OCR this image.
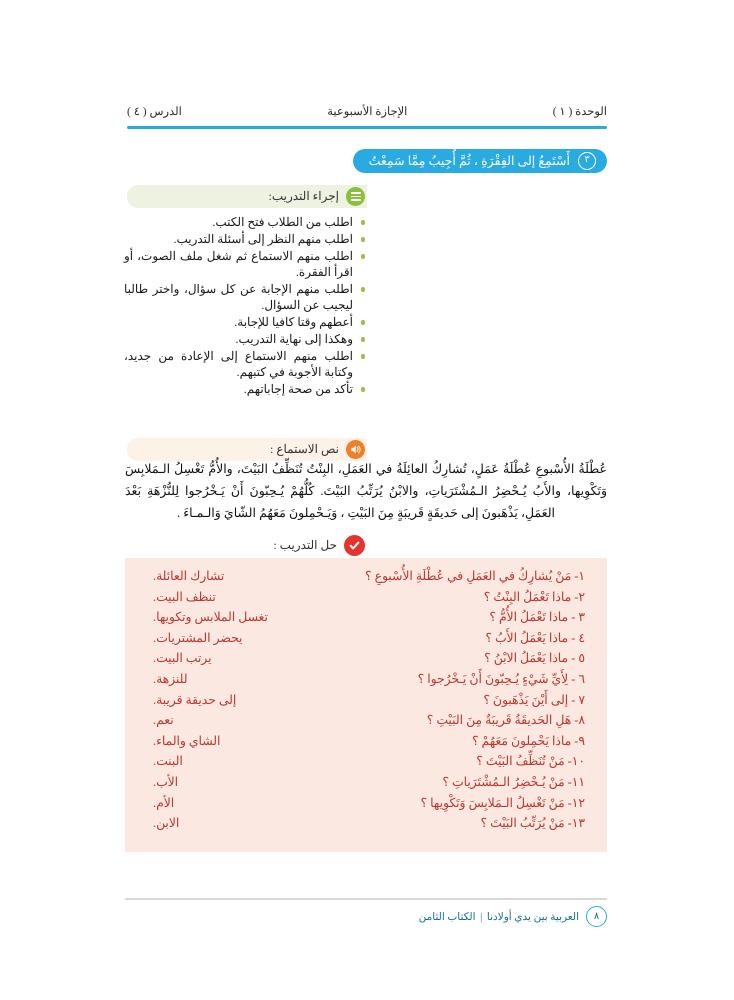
الوحدة ( ١ )
الإجازة الأسبوعية
الدرس ( ٤ )
٣
أَسْتَمِعُ إلى الفِقْرَةِ ، ثُمَّ أُجِيبُ مِمَّا سَمِعْتُ
إجراء التدريب:
اطلب من الطلاب فتح الكتب.
اطلب منهم النظر إلى أسئلة التدريب.
اطلب منهم الاستماع ثم شغل ملف الصوت، أو اقرأ الفقرة.
اطلب منهم الإجابة عن كل سؤال، واختر طالبا ليجيب عن السؤال.
أعطهم وقتا كافيا للإجابة.
وهكذا إلى نهاية التدريب.
اطلب منهم الاستماع إلى الإعادة من جديد، وكتابة الأجوبة في كتبهم.
تأكد من صحة إجاباتهم.
نص الاستماع :
عُطْلَةُ الأُسْبوعِ عُطْلَةُ عَمَلٍ، تُشارِكُ العائِلَةُ في العَمَلِ، البِنْتُ تُنَظِّفُ البَيْتَ، والأُمُّ تَغْسِلُ الـمَلابِسَ وَتَكْوِيها، والأَبُ يُـحْضِرُ الـمُشْتَرَياتِ، والابْنُ يُرَتِّبُ البَيْتَ. كُلُّهُمْ يُـحِبّونَ أَنْ يَـخْرُجوا لِلنُّزْهَةِ بَعْدَ العَمَلِ، يَذْهَبونَ إلى حَديقَةٍ قَريبَةٍ مِنَ البَيْتِ ، وَيَـحْمِلونَ مَعَهُمُ الشّايَ وَالـمـاءَ .
حل التدريب :
١- مَنْ يُشارِكُ في العَمَلِ في عُطْلَةِ الأُسْبوعِ ؟
تشارك العائلة.
٢- ماذا تَعْمَلُ البِنْتُ ؟
تنظف البيت.
٣ - ماذا تَعْمَلُ الأُمُّ ؟
تغسل الملابس وتكويها.
٤ - ماذا يَعْمَلُ الأَبُ ؟
يحضر المشتريات.
٥ - ماذا يَعْمَلُ الابْنُ ؟
يرتب البيت.
٦ - لِأَيِّ شَيْءٍ يُـحِبّونَ أَنْ يَـخْرُجوا ؟
للنزهة.
٧ - إلى أَيْنَ يَذْهَبونَ ؟
إلى حديقة قريبة.
٨- هَلِ الحَديقَةُ قَريبَةٌ مِنَ البَيْتِ ؟
نعم.
٩- ماذا يَحْمِلونَ مَعَهُمْ ؟
الشاي والماء.
١٠- مَنْ تُنَظِّفُ البَيْتَ ؟
البنت.
١١- مَنْ يُـحْضِرُ الـمُشْتَرَياتِ ؟
الأب.
١٢- مَنْ تَغْسِلُ الـمَلابِسَ وَتَكْوِيها ؟
الأم.
١٣- مَنْ يُرَتِّبُ البَيْتَ ؟
الابن.
٨
العربية بين يدي أولادنا | الكتاب الثامن
